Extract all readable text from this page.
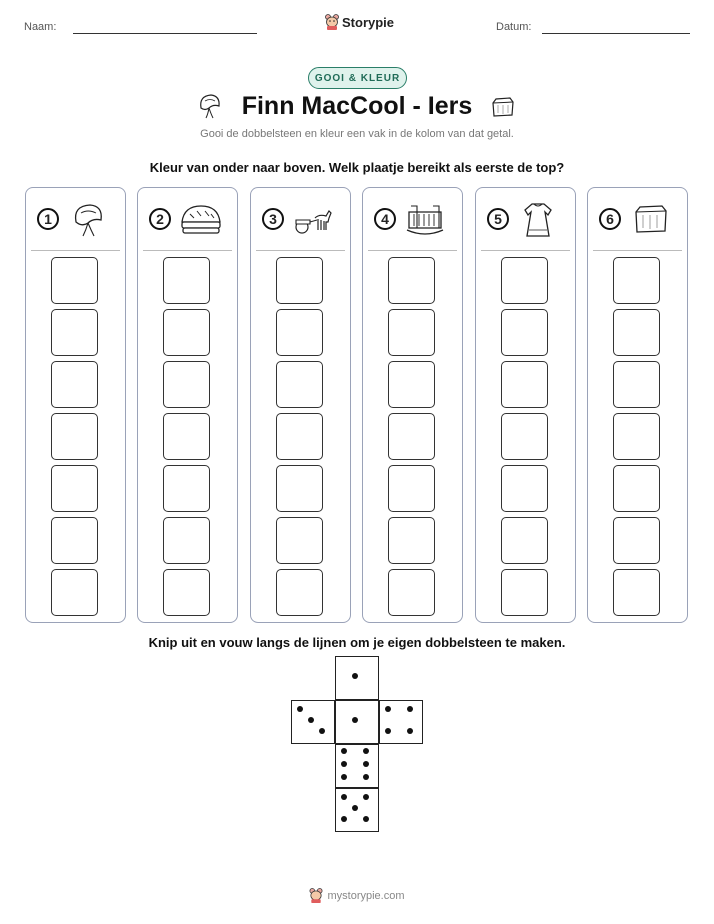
Naam:	Storypie	Datum:
GOOI & KLEUR
Finn MacCool - Iers
Gooi de dobbelsteen en kleur een vak in de kolom van dat getal.
Kleur van onder naar boven. Welk plaatje bereikt als eerste de top?
1	2	3	4	5	6
Knip uit en vouw langs de lijnen om je eigen dobbelsteen te maken.
mystorypie.com
